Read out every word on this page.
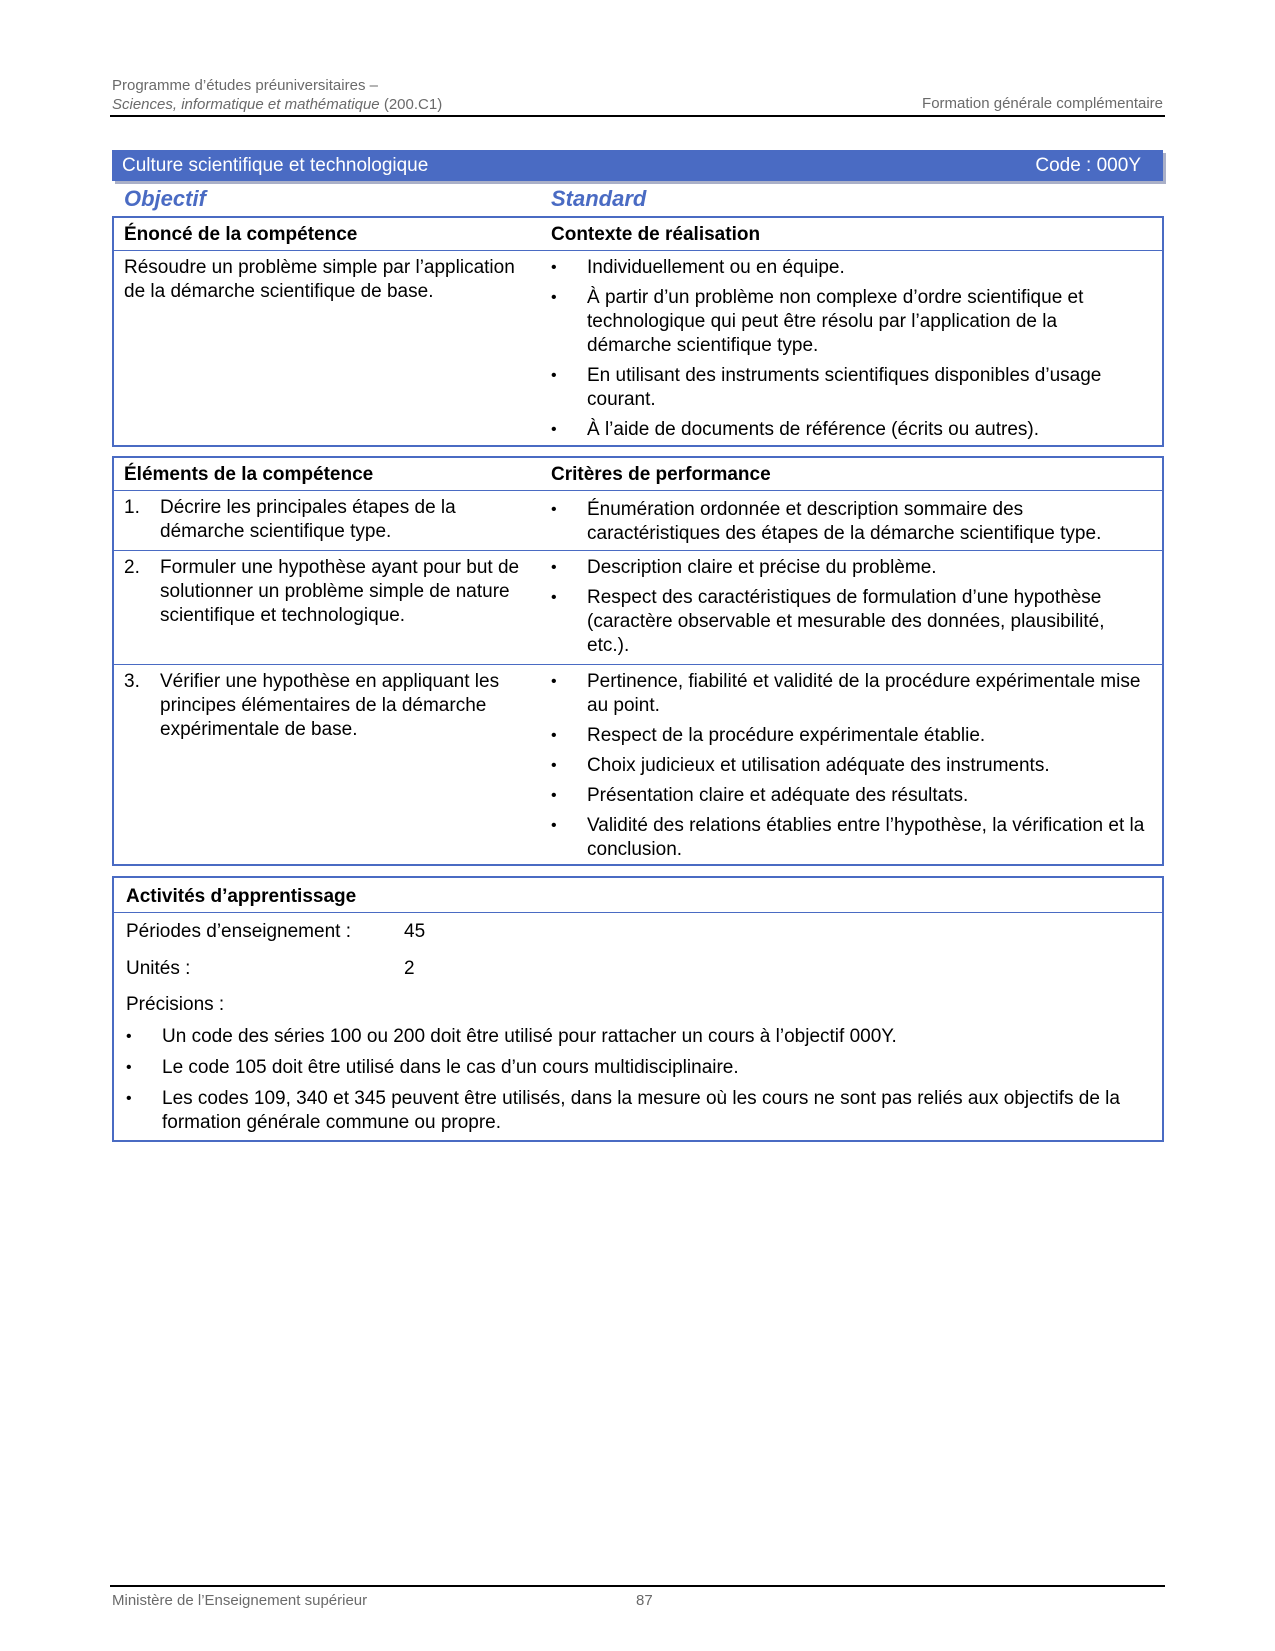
Programme d’études préuniversitaires –
Sciences, informatique et mathématique (200.C1)	Formation générale complémentaire
Culture scientifique et technologique	Code : 000Y
Objectif	Standard
Énoncé de la compétence	Contexte de réalisation
Résoudre un problème simple par l’application de la démarche scientifique de base.
• Individuellement ou en équipe.
• À partir d’un problème non complexe d’ordre scientifique et technologique qui peut être résolu par l’application de la démarche scientifique type.
• En utilisant des instruments scientifiques disponibles d’usage courant.
• À l’aide de documents de référence (écrits ou autres).
Éléments de la compétence	Critères de performance
1. Décrire les principales étapes de la démarche scientifique type.
• Énumération ordonnée et description sommaire des caractéristiques des étapes de la démarche scientifique type.
2. Formuler une hypothèse ayant pour but de solutionner un problème simple de nature scientifique et technologique.
• Description claire et précise du problème.
• Respect des caractéristiques de formulation d’une hypothèse (caractère observable et mesurable des données, plausibilité, etc.).
3. Vérifier une hypothèse en appliquant les principes élémentaires de la démarche expérimentale de base.
• Pertinence, fiabilité et validité de la procédure expérimentale mise au point.
• Respect de la procédure expérimentale établie.
• Choix judicieux et utilisation adéquate des instruments.
• Présentation claire et adéquate des résultats.
• Validité des relations établies entre l’hypothèse, la vérification et la conclusion.
Activités d’apprentissage
Périodes d’enseignement :	45
Unités :	2
Précisions :
• Un code des séries 100 ou 200 doit être utilisé pour rattacher un cours à l’objectif 000Y.
• Le code 105 doit être utilisé dans le cas d’un cours multidisciplinaire.
• Les codes 109, 340 et 345 peuvent être utilisés, dans la mesure où les cours ne sont pas reliés aux objectifs de la formation générale commune ou propre.
Ministère de l’Enseignement supérieur	87
